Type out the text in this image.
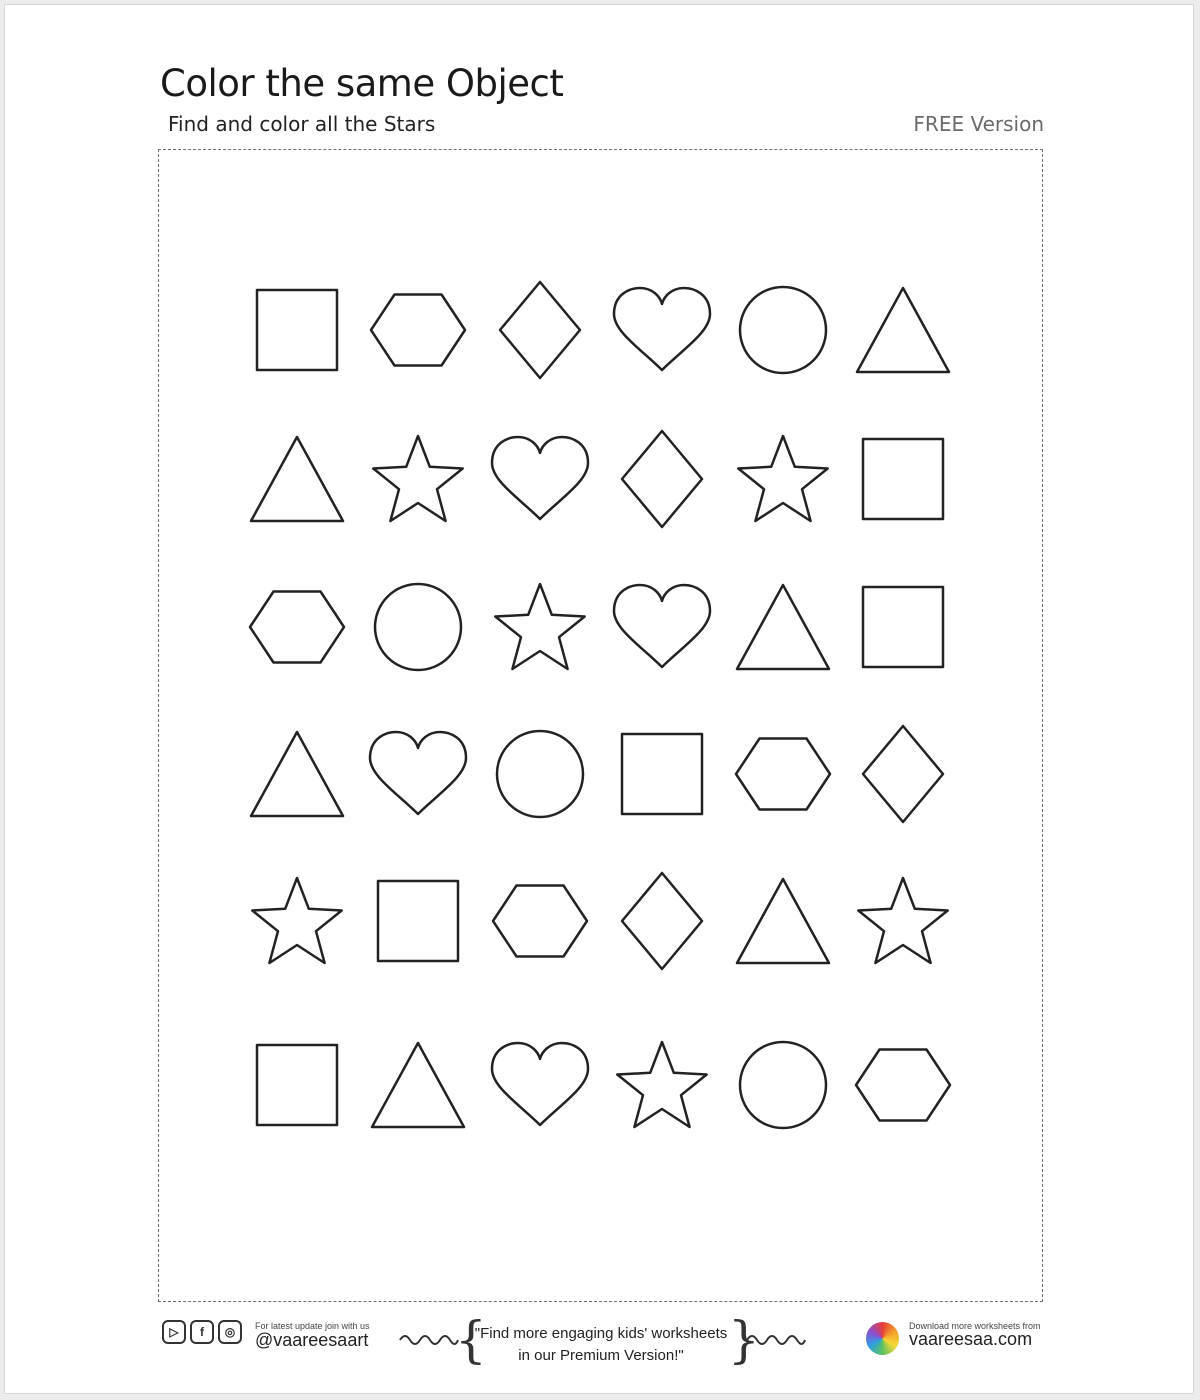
Color the same Object
Find and color all the Stars	FREE Version
▷	f	◎	For latest update join with us
@vaareesaart {
"Find more engaging kids' worksheets
in our Premium Version!" }	Download more worksheets from
vaareesaa.com
